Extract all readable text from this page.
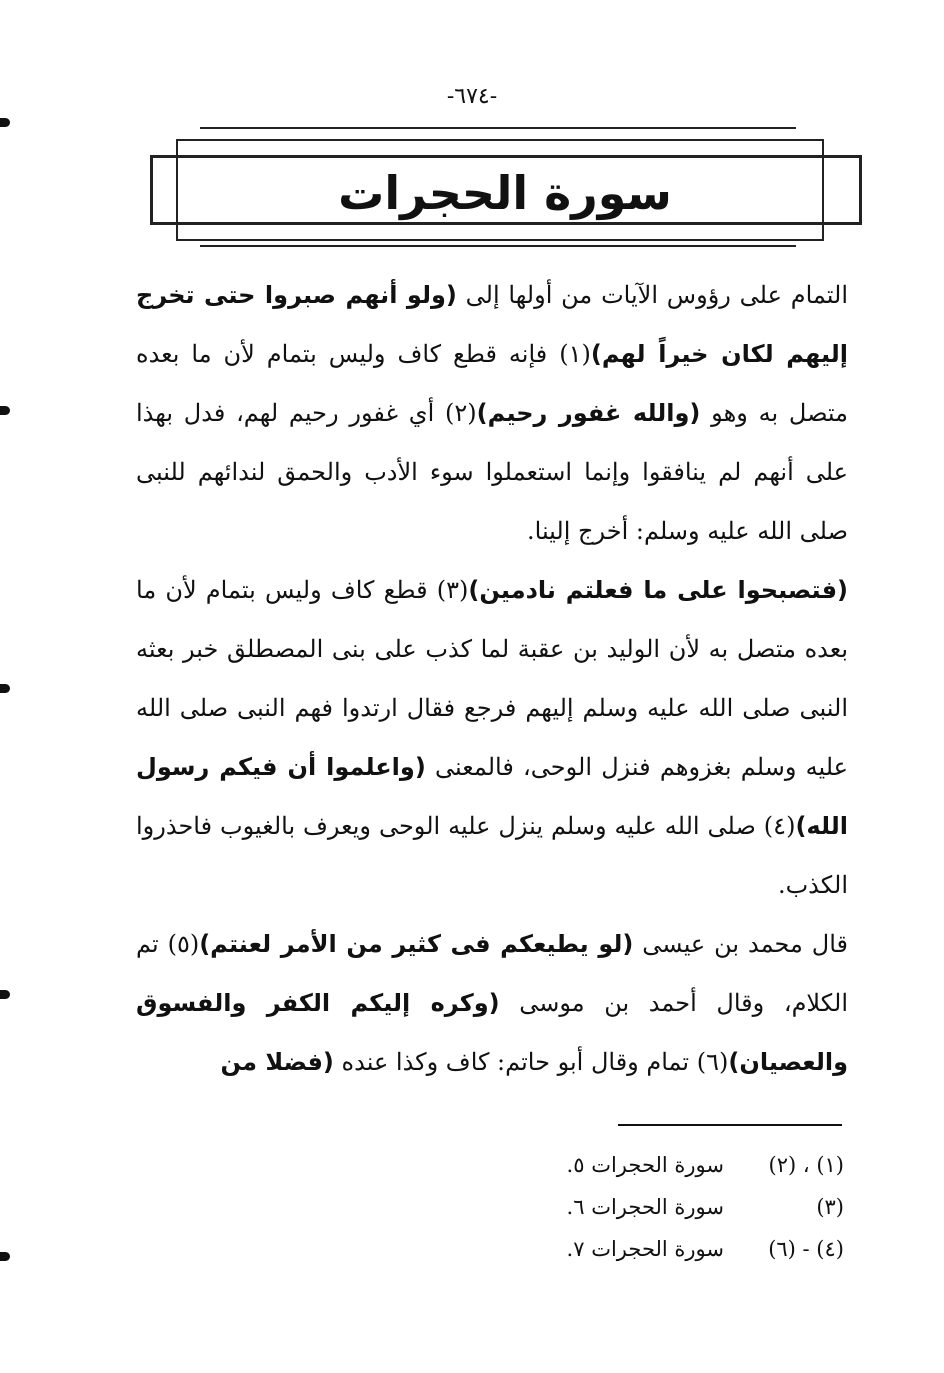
-٦٧٤-
سورة الحجرات

التمام على رؤوس الآيات من أولها إلى (ولو أنهم صبروا حتى تخرج إليهم لكان خيراً لهم)(١) فإنه قطع كاف وليس بتمام لأن ما بعده متصل به وهو (والله غفور رحيم)(٢) أي غفور رحيم لهم، فدل بهذا على أنهم لم ينافقوا وإنما استعملوا سوء الأدب والحمق لندائهم للنبى صلى الله عليه وسلم: أخرج إلينا.

(فتصبحوا على ما فعلتم نادمين)(٣) قطع كاف وليس بتمام لأن ما بعده متصل به لأن الوليد بن عقبة لما كذب على بنى المصطلق خبر بعثه النبى صلى الله عليه وسلم إليهم فرجع فقال ارتدوا فهم النبى صلى الله عليه وسلم بغزوهم فنزل الوحى، فالمعنى (واعلموا أن فيكم رسول الله)(٤) صلى الله عليه وسلم ينزل عليه الوحى ويعرف بالغيوب فاحذروا الكذب.

قال محمد بن عيسى (لو يطيعكم فى كثير من الأمر لعنتم)(٥) تم الكلام، وقال أحمد بن موسى (وكره إليكم الكفر والفسوق والعصيان)(٦) تمام وقال أبو حاتم: كاف وكذا عنده (فضلا من

(١) ، (٢)
سورة الحجرات ٥.
(٣)
سورة الحجرات ٦.
(٤) - (٦)
سورة الحجرات ٧.
